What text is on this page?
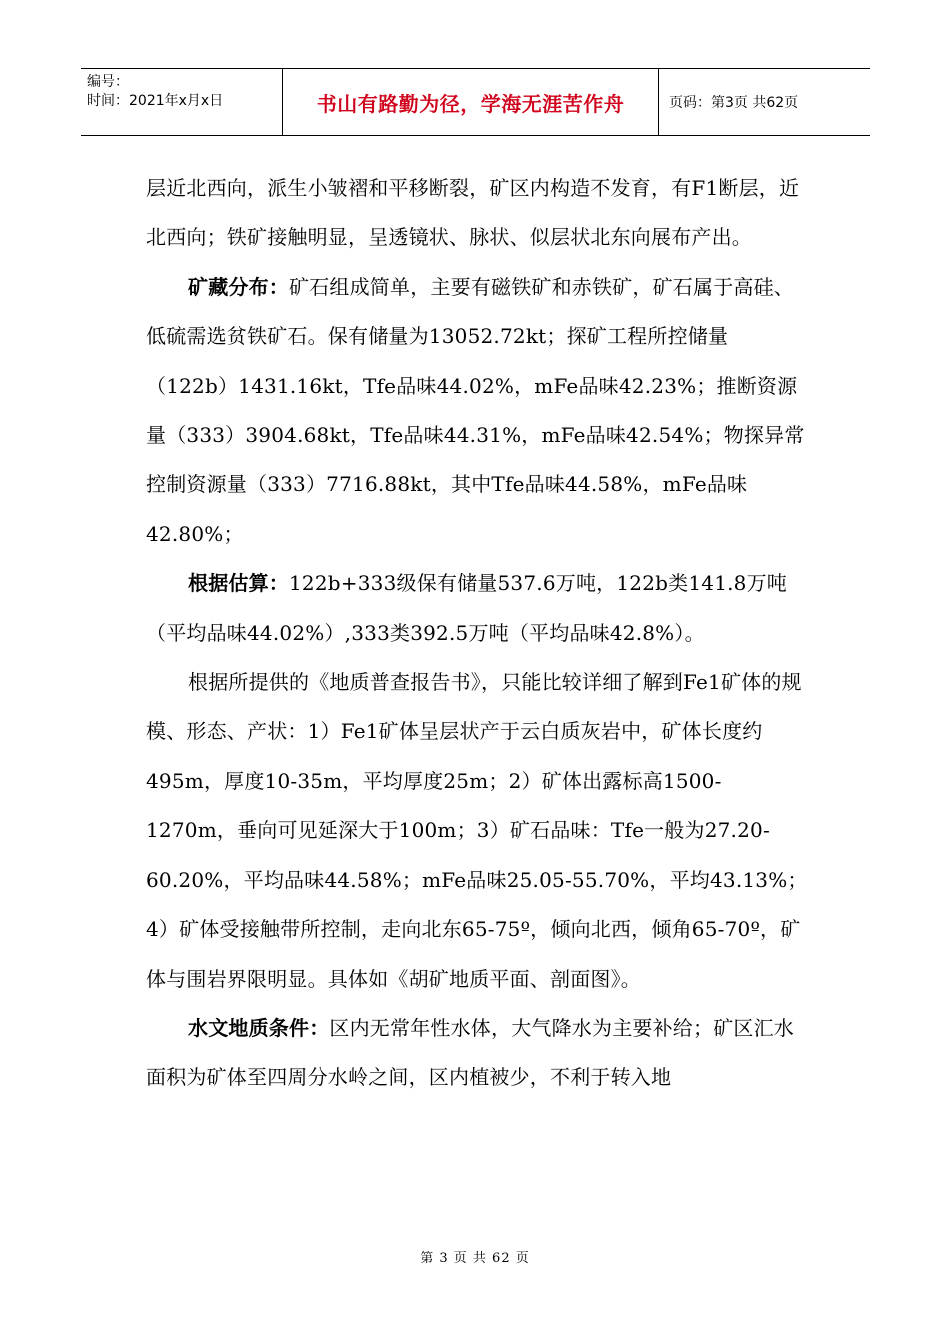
编号：
时间：2021年x月x日	书山有路勤为径，学海无涯苦作舟	页码：第3页 共62页

层近北西向，派生小皱褶和平移断裂，矿区内构造不发育，有F1断层，近北西向；铁矿接触明显，呈透镜状、脉状、似层状北东向展布产出。

矿藏分布：矿石组成简单，主要有磁铁矿和赤铁矿，矿石属于高硅、低硫需选贫铁矿石。保有储量为13052.72kt；探矿工程所控储量（122b）1431.16kt，Tfe品味44.02%，mFe品味42.23%；推断资源量（333）3904.68kt，Tfe品味44.31%，mFe品味42.54%；物探异常控制资源量（333）7716.88kt，其中Tfe品味44.58%，mFe品味42.80%；

根据估算：122b+333级保有储量537.6万吨，122b类141.8万吨（平均品味44.02%）,333类392.5万吨（平均品味42.8%）。

根据所提供的《地质普查报告书》，只能比较详细了解到Fe1矿体的规模、形态、产状：1）Fe1矿体呈层状产于云白质灰岩中，矿体长度约495m，厚度10-35m，平均厚度25m；2）矿体出露标高1500-1270m，垂向可见延深大于100m；3）矿石品味：Tfe一般为27.20-60.20%，平均品味44.58%；mFe品味25.05-55.70%，平均43.13%；4）矿体受接触带所控制，走向北东65-75º，倾向北西，倾角65-70º，矿体与围岩界限明显。具体如《胡矿地质平面、剖面图》。

水文地质条件：区内无常年性水体，大气降水为主要补给；矿区汇水面积为矿体至四周分水岭之间，区内植被少，不利于转入地

第 3 页 共 62 页
